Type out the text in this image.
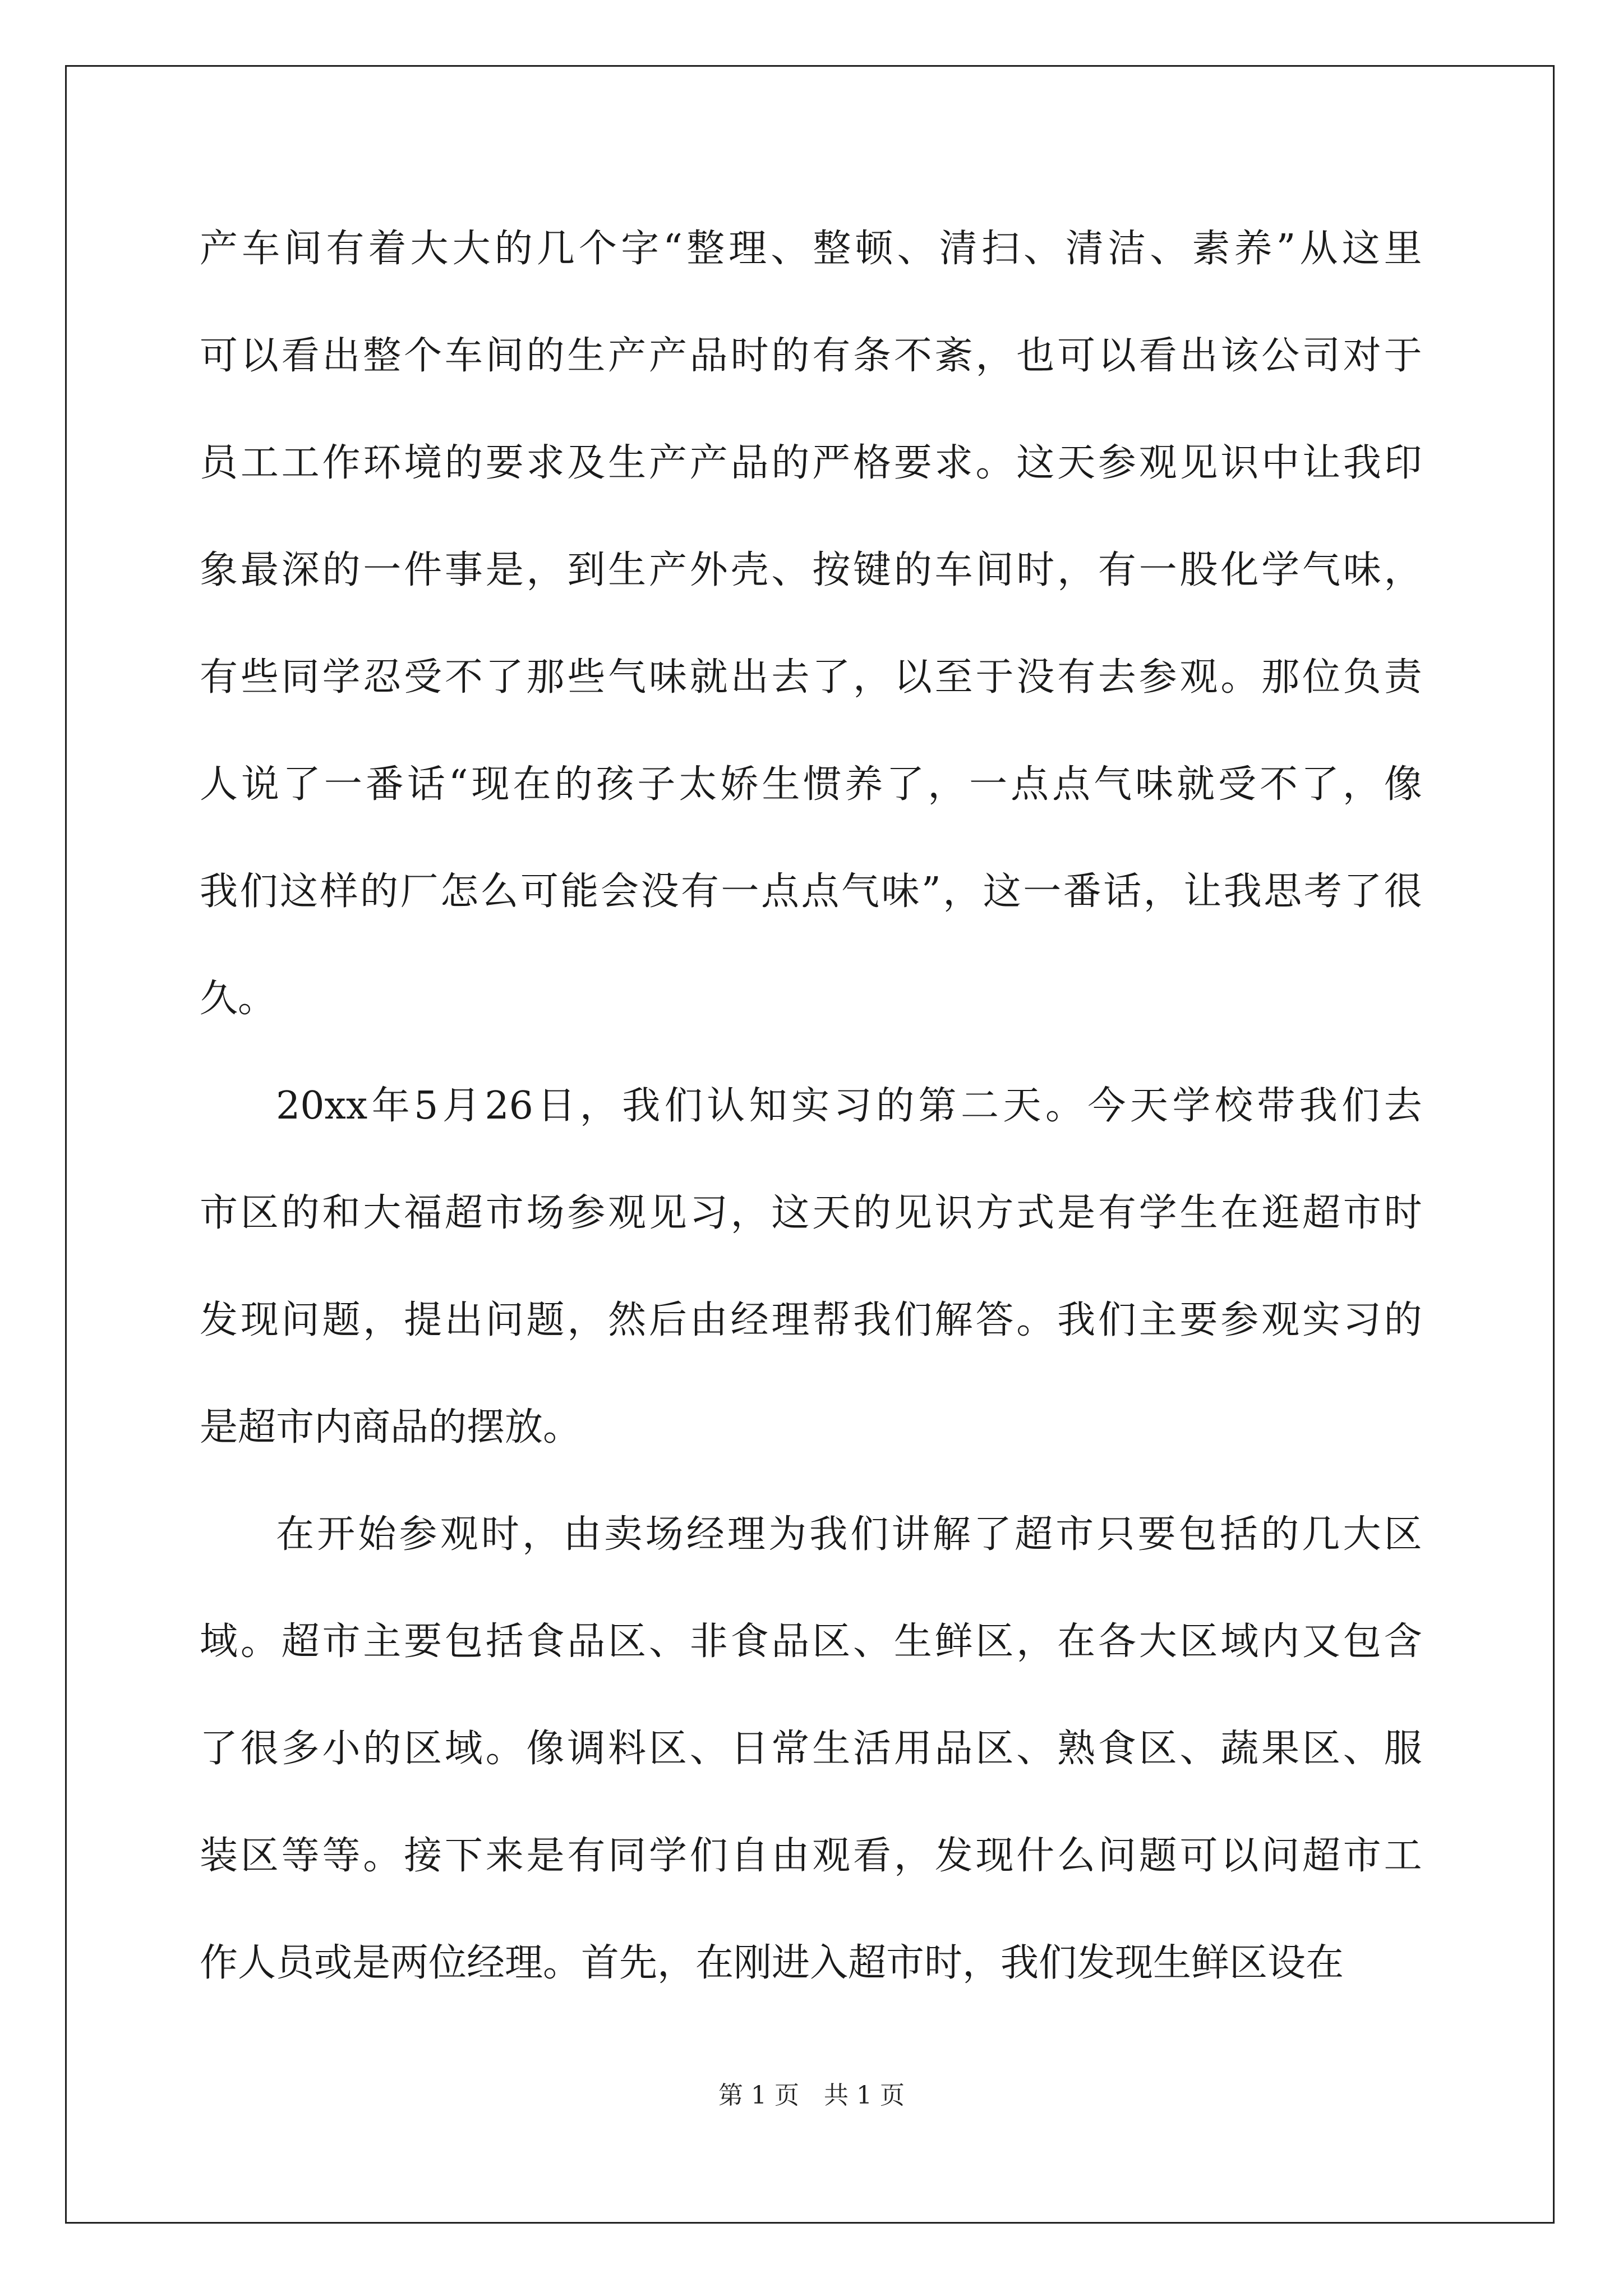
产 车 间 有 着 大 大 的 几 个 字 “ 整 理 、 整 顿 、 清 扫 、 清 洁 、 素 养 ” 从 这 里
可 以 看 出 整 个 车 间 的 生 产 产 品 时 的 有 条 不 紊 ， 也 可 以 看 出 该 公 司 对 于
员 工 工 作 环 境 的 要 求 及 生 产 产 品 的 严 格 要 求 。 这 天 参 观 见 识 中 让 我 印
象 最 深 的 一 件 事 是 ， 到 生 产 外 壳 、 按 键 的 车 间 时 ， 有 一 股 化 学 气 味 ，
有 些 同 学 忍 受 不 了 那 些 气 味 就 出 去 了 ， 以 至 于 没 有 去 参 观 。 那 位 负 责
人 说 了 一 番 话 “ 现 在 的 孩 子 太 娇 生 惯 养 了 ， 一 点 点 气 味 就 受 不 了 ， 像
我 们 这 样 的 厂 怎 么 可 能 会 没 有 一 点 点 气 味 ” ， 这 一 番 话 ， 让 我 思 考 了 很
久。
20xx 年 5 月 26 日 ， 我 们 认 知 实 习 的 第 二 天 。 今 天 学 校 带 我 们 去
市 区 的 和 大 福 超 市 场 参 观 见 习 ， 这 天 的 见 识 方 式 是 有 学 生 在 逛 超 市 时
发 现 问 题 ， 提 出 问 题 ， 然 后 由 经 理 帮 我 们 解 答 。 我 们 主 要 参 观 实 习 的
是超市内商品的摆放。
在 开 始 参 观 时 ， 由 卖 场 经 理 为 我 们 讲 解 了 超 市 只 要 包 括 的 几 大 区
域 。 超 市 主 要 包 括 食 品 区 、 非 食 品 区 、 生 鲜 区 ， 在 各 大 区 域 内 又 包 含
了 很 多 小 的 区 域 。 像 调 料 区 、 日 常 生 活 用 品 区 、 熟 食 区 、 蔬 果 区 、 服
装 区 等 等 。 接 下 来 是 有 同 学 们 自 由 观 看 ， 发 现 什 么 问 题 可 以 问 超 市 工
作人员或是两位经理。首先，在刚进入超市时，我们发现生鲜区设在
第 1 页　共 1 页
